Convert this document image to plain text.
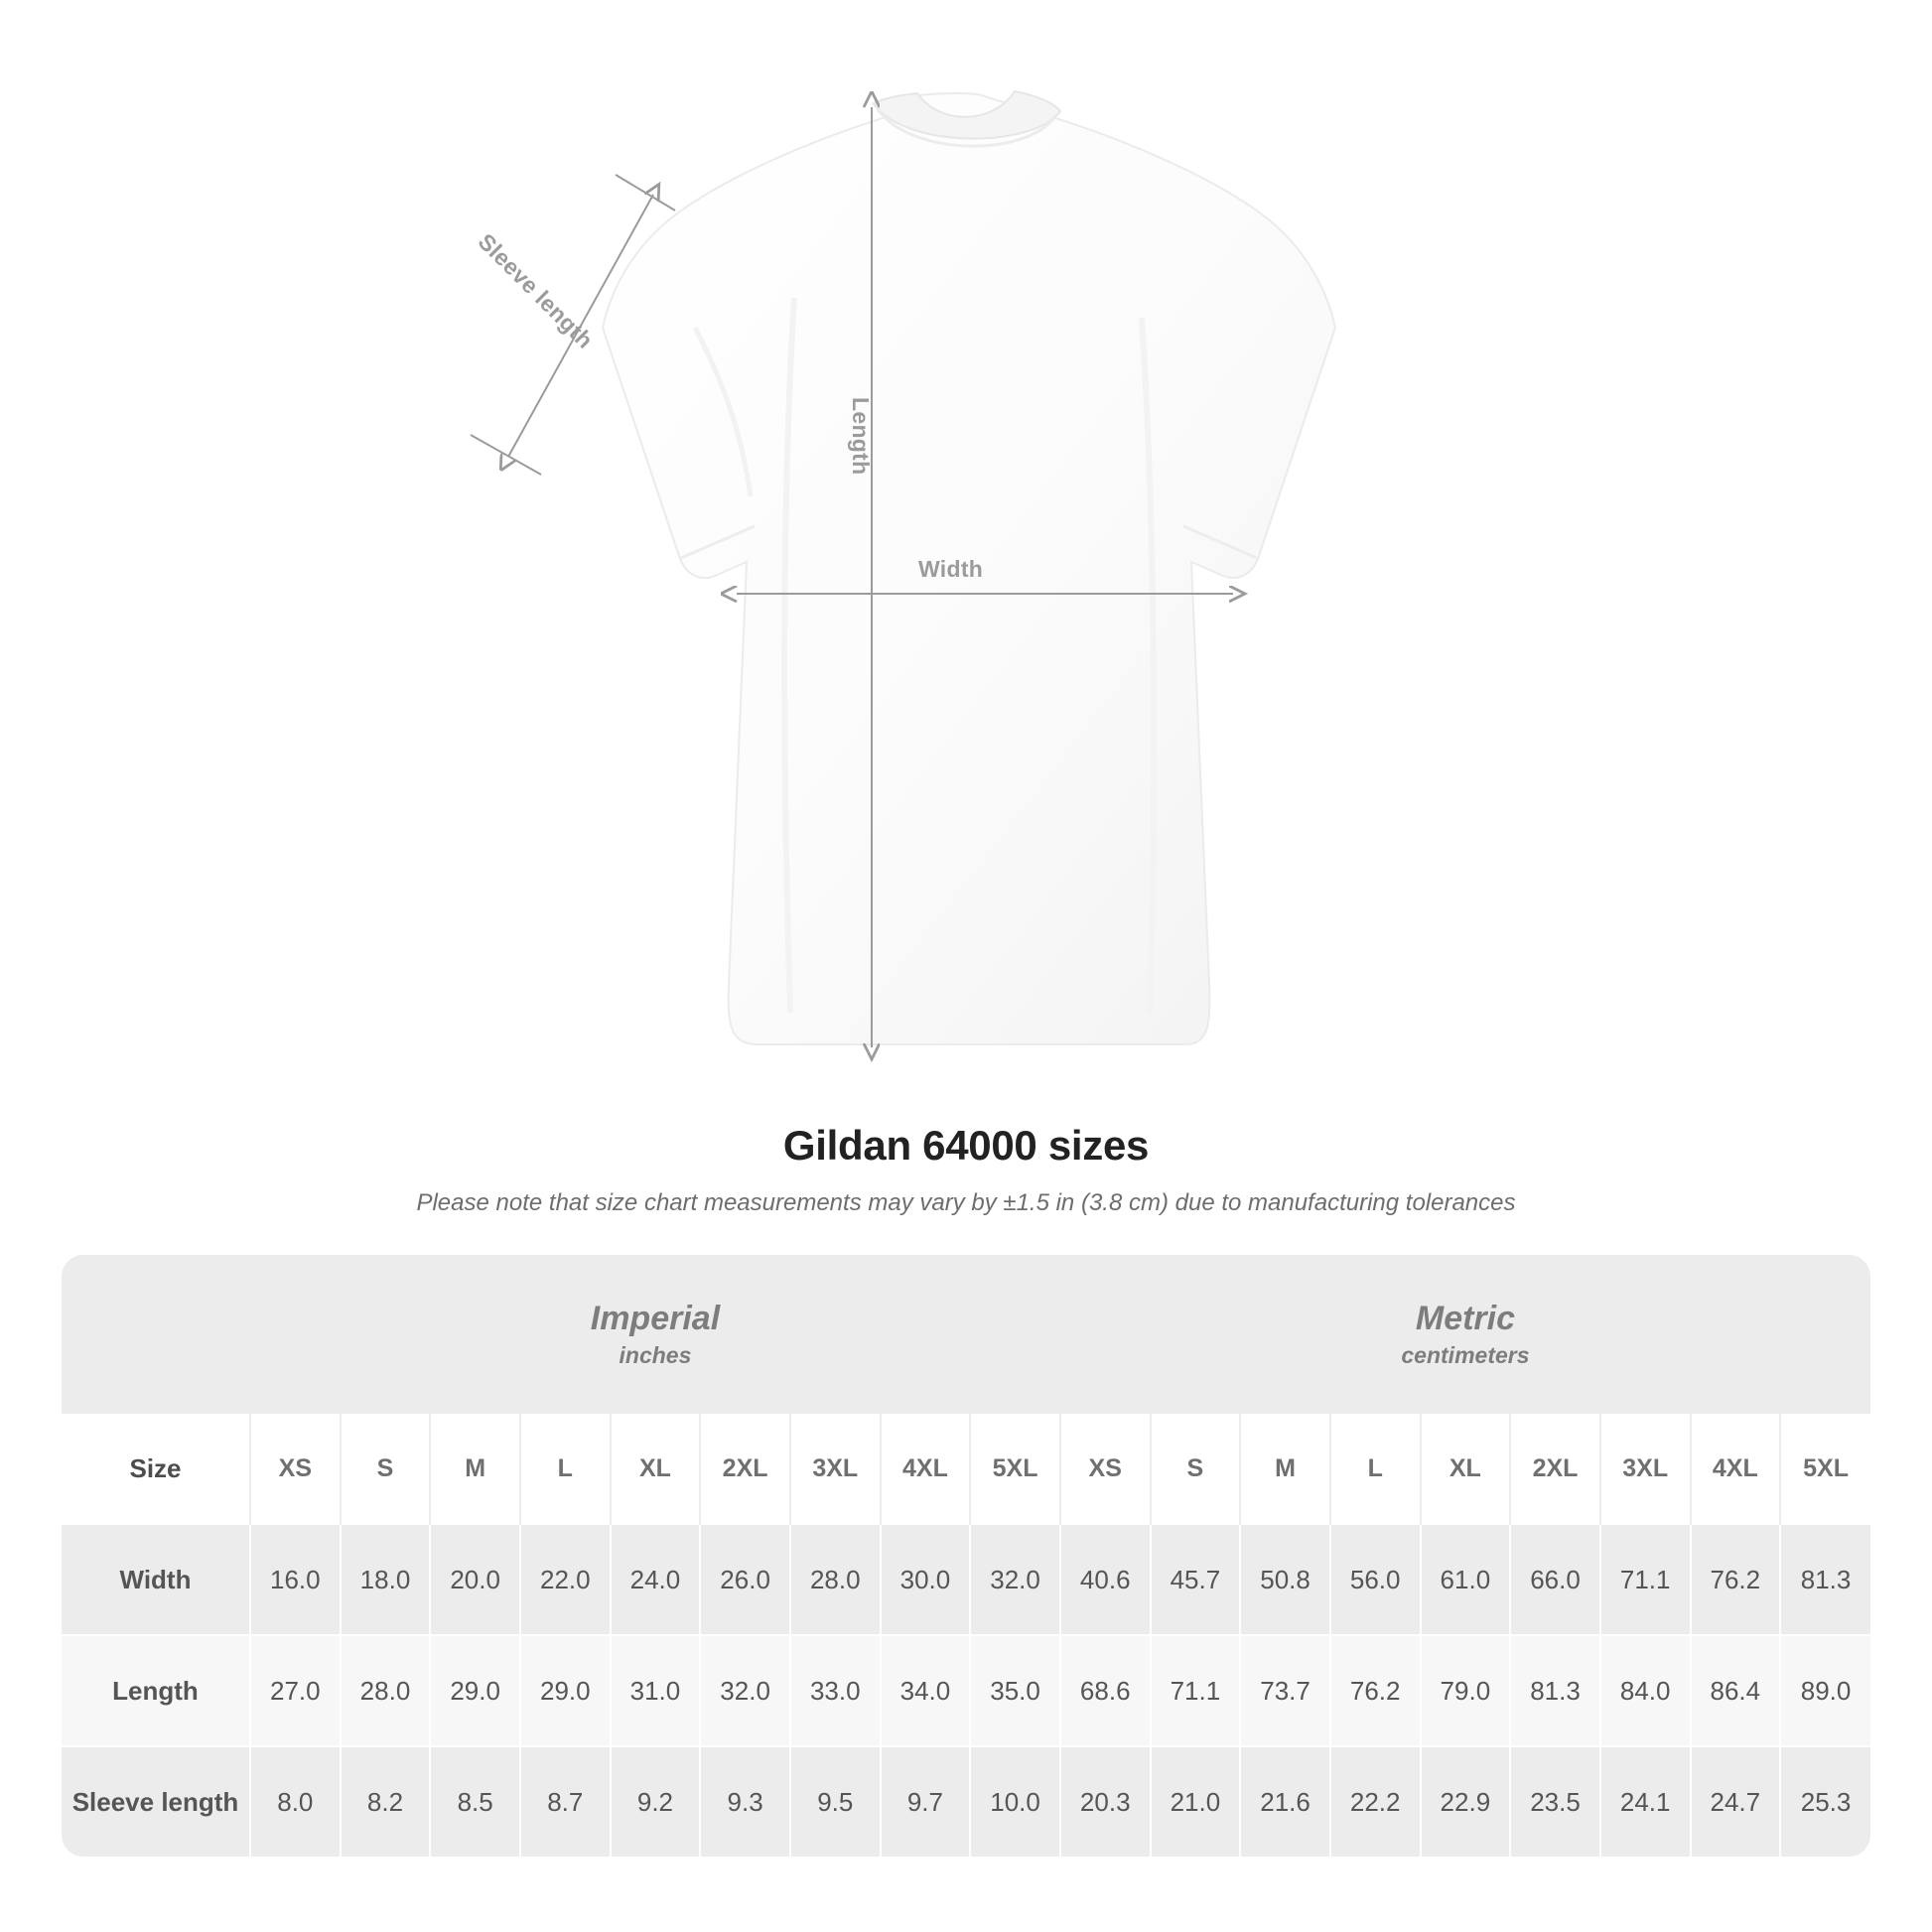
Width
Length
Sleeve length
Gildan 64000 sizes

Please note that size chart measurements may vary by ±1.5 in (3.8 cm) due to manufacturing tolerances

Imperial
inches

Metric
centimeters

Size	XS	S	M	L	XL	2XL	3XL	4XL	5XL	XS	S	M	L	XL	2XL	3XL	4XL	5XL
Width	16.0	18.0	20.0	22.0	24.0	26.0	28.0	30.0	32.0	40.6	45.7	50.8	56.0	61.0	66.0	71.1	76.2	81.3
Length	27.0	28.0	29.0	29.0	31.0	32.0	33.0	34.0	35.0	68.6	71.1	73.7	76.2	79.0	81.3	84.0	86.4	89.0
Sleeve length	8.0	8.2	8.5	8.7	9.2	9.3	9.5	9.7	10.0	20.3	21.0	21.6	22.2	22.9	23.5	24.1	24.7	25.3
